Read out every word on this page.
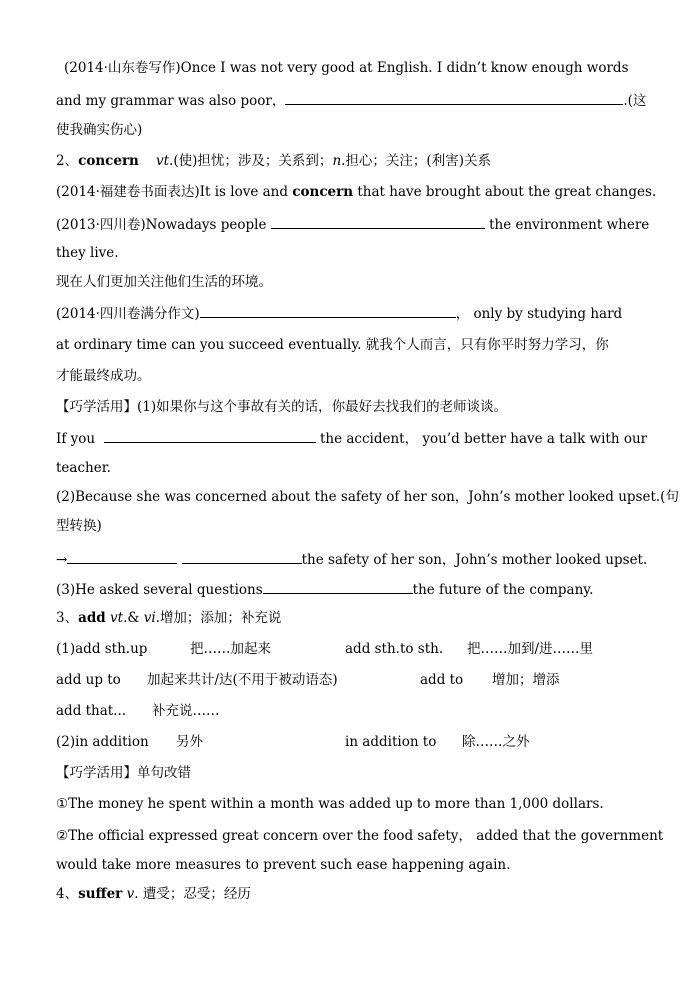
(2014·山东卷写作)Once I was not very good at English. I didn’t know enough words
and my grammar was also poor，	.(这
使我确实伤心)
2、concern vt.(使)担忧；涉及；关系到；n.担心；关注；(利害)关系
(2014·福建卷书面表达)It is love and concern that have brought about the great changes.
(2013·四川卷)Nowadays people	the environment where
they live.
现在人们更加关注他们生活的环境。
(2014·四川卷满分作文)	， only by studying hard
at ordinary time can you succeed eventually. 就我个人而言，只有你平时努力学习，你
才能最终成功。
【巧学活用】(1)如果你与这个事故有关的话，你最好去找我们的老师谈谈。
If you	the accident， you’d better have a talk with our
teacher.
(2)Because she was concerned about the safety of her son，John’s mother looked upset.(句
型转换)
→	the safety of her son，John’s mother looked upset.
(3)He asked several questions	the future of the company.
3、add vt.& vi.增加；添加；补充说
(1)add sth.up	把……加起来	add sth.to sth. 把……加到/进……里
add up to 加起来共计/达(不用于被动语态)	add to 增加；增添
add that... 补充说……
(2)in addition 另外	in addition to 除……之外
【巧学活用】单句改错
①The money he spent within a month was added up to more than 1,000 dollars.
②The official expressed great concern over the food safety， added that the government
would take more measures to prevent such ease happening again.
4、suffer v. 遭受；忍受；经历
